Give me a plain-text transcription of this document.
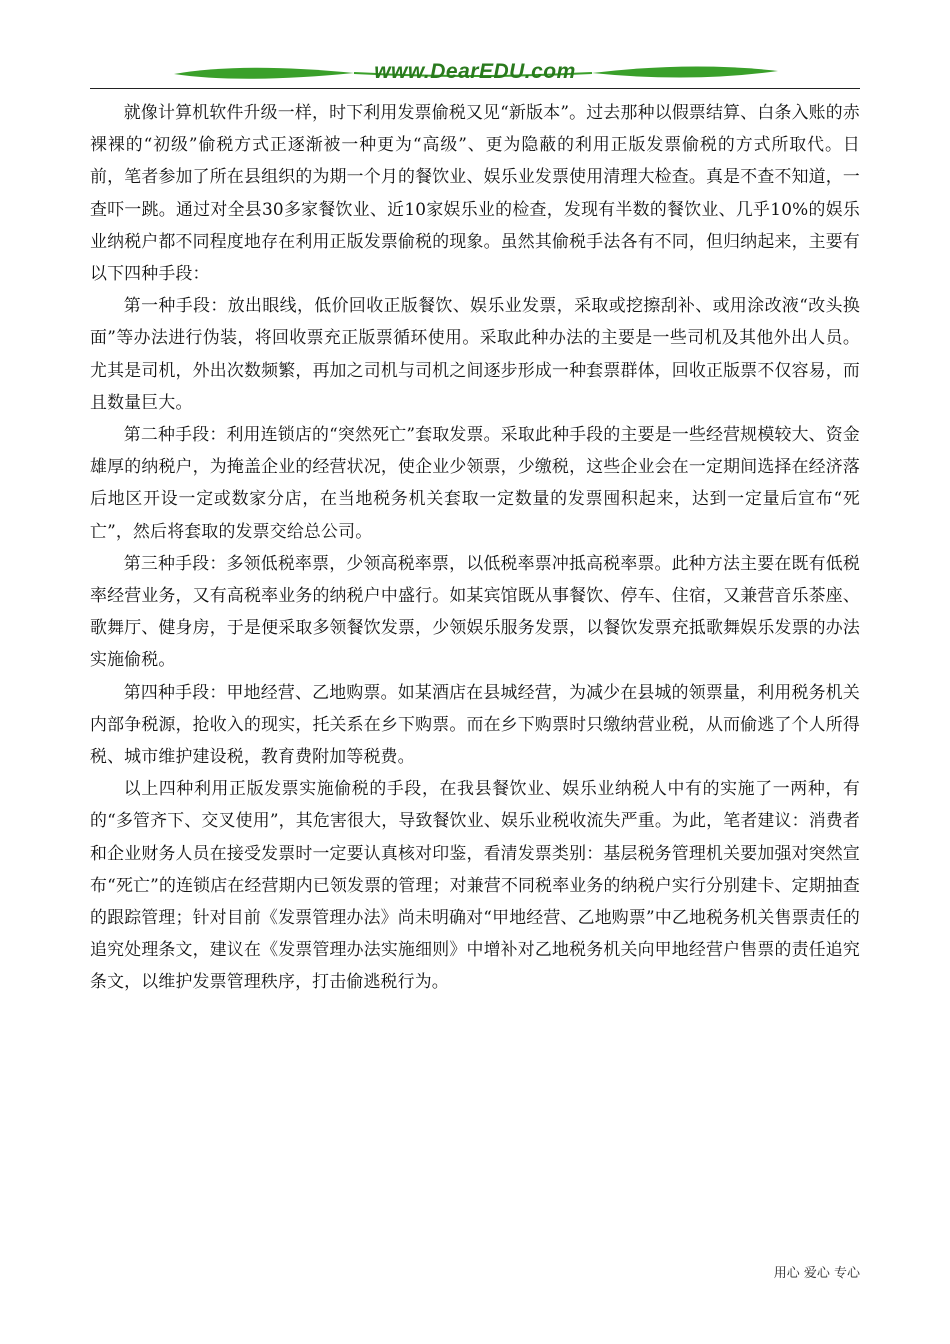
www.DearEDU.com

就像计算机软件升级一样，时下利用发票偷税又见“新版本”。过去那种以假票结算、白条入账的赤裸裸的“初级”偷税方式正逐渐被一种更为“高级”、更为隐蔽的利用正版发票偷税的方式所取代。日前，笔者参加了所在县组织的为期一个月的餐饮业、娱乐业发票使用清理大检查。真是不查不知道，一查吓一跳。通过对全县30多家餐饮业、近10家娱乐业的检查，发现有半数的餐饮业、几乎10%的娱乐业纳税户都不同程度地存在利用正版发票偷税的现象。虽然其偷税手法各有不同，但归纳起来，主要有以下四种手段：

第一种手段：放出眼线，低价回收正版餐饮、娱乐业发票，采取或挖擦刮补、或用涂改液“改头换面”等办法进行伪装，将回收票充正版票循环使用。采取此种办法的主要是一些司机及其他外出人员。尤其是司机，外出次数频繁，再加之司机与司机之间逐步形成一种套票群体，回收正版票不仅容易，而且数量巨大。

第二种手段：利用连锁店的“突然死亡”套取发票。采取此种手段的主要是一些经营规模较大、资金雄厚的纳税户，为掩盖企业的经营状况，使企业少领票，少缴税，这些企业会在一定期间选择在经济落后地区开设一定或数家分店，在当地税务机关套取一定数量的发票囤积起来，达到一定量后宣布“死亡”，然后将套取的发票交给总公司。

第三种手段：多领低税率票，少领高税率票，以低税率票冲抵高税率票。此种方法主要在既有低税率经营业务，又有高税率业务的纳税户中盛行。如某宾馆既从事餐饮、停车、住宿，又兼营音乐茶座、歌舞厅、健身房，于是便采取多领餐饮发票，少领娱乐服务发票，以餐饮发票充抵歌舞娱乐发票的办法实施偷税。

第四种手段：甲地经营、乙地购票。如某酒店在县城经营，为减少在县城的领票量，利用税务机关内部争税源，抢收入的现实，托关系在乡下购票。而在乡下购票时只缴纳营业税，从而偷逃了个人所得税、城市维护建设税，教育费附加等税费。

以上四种利用正版发票实施偷税的手段，在我县餐饮业、娱乐业纳税人中有的实施了一两种，有的“多管齐下、交叉使用”，其危害很大，导致餐饮业、娱乐业税收流失严重。为此，笔者建议：消费者和企业财务人员在接受发票时一定要认真核对印鉴，看清发票类别：基层税务管理机关要加强对突然宣布“死亡”的连锁店在经营期内已领发票的管理；对兼营不同税率业务的纳税户实行分别建卡、定期抽查的跟踪管理；针对目前《发票管理办法》尚未明确对“甲地经营、乙地购票”中乙地税务机关售票责任的追究处理条文，建议在《发票管理办法实施细则》中增补对乙地税务机关向甲地经营户售票的责任追究条文，以维护发票管理秩序，打击偷逃税行为。

用心 爱心 专心
